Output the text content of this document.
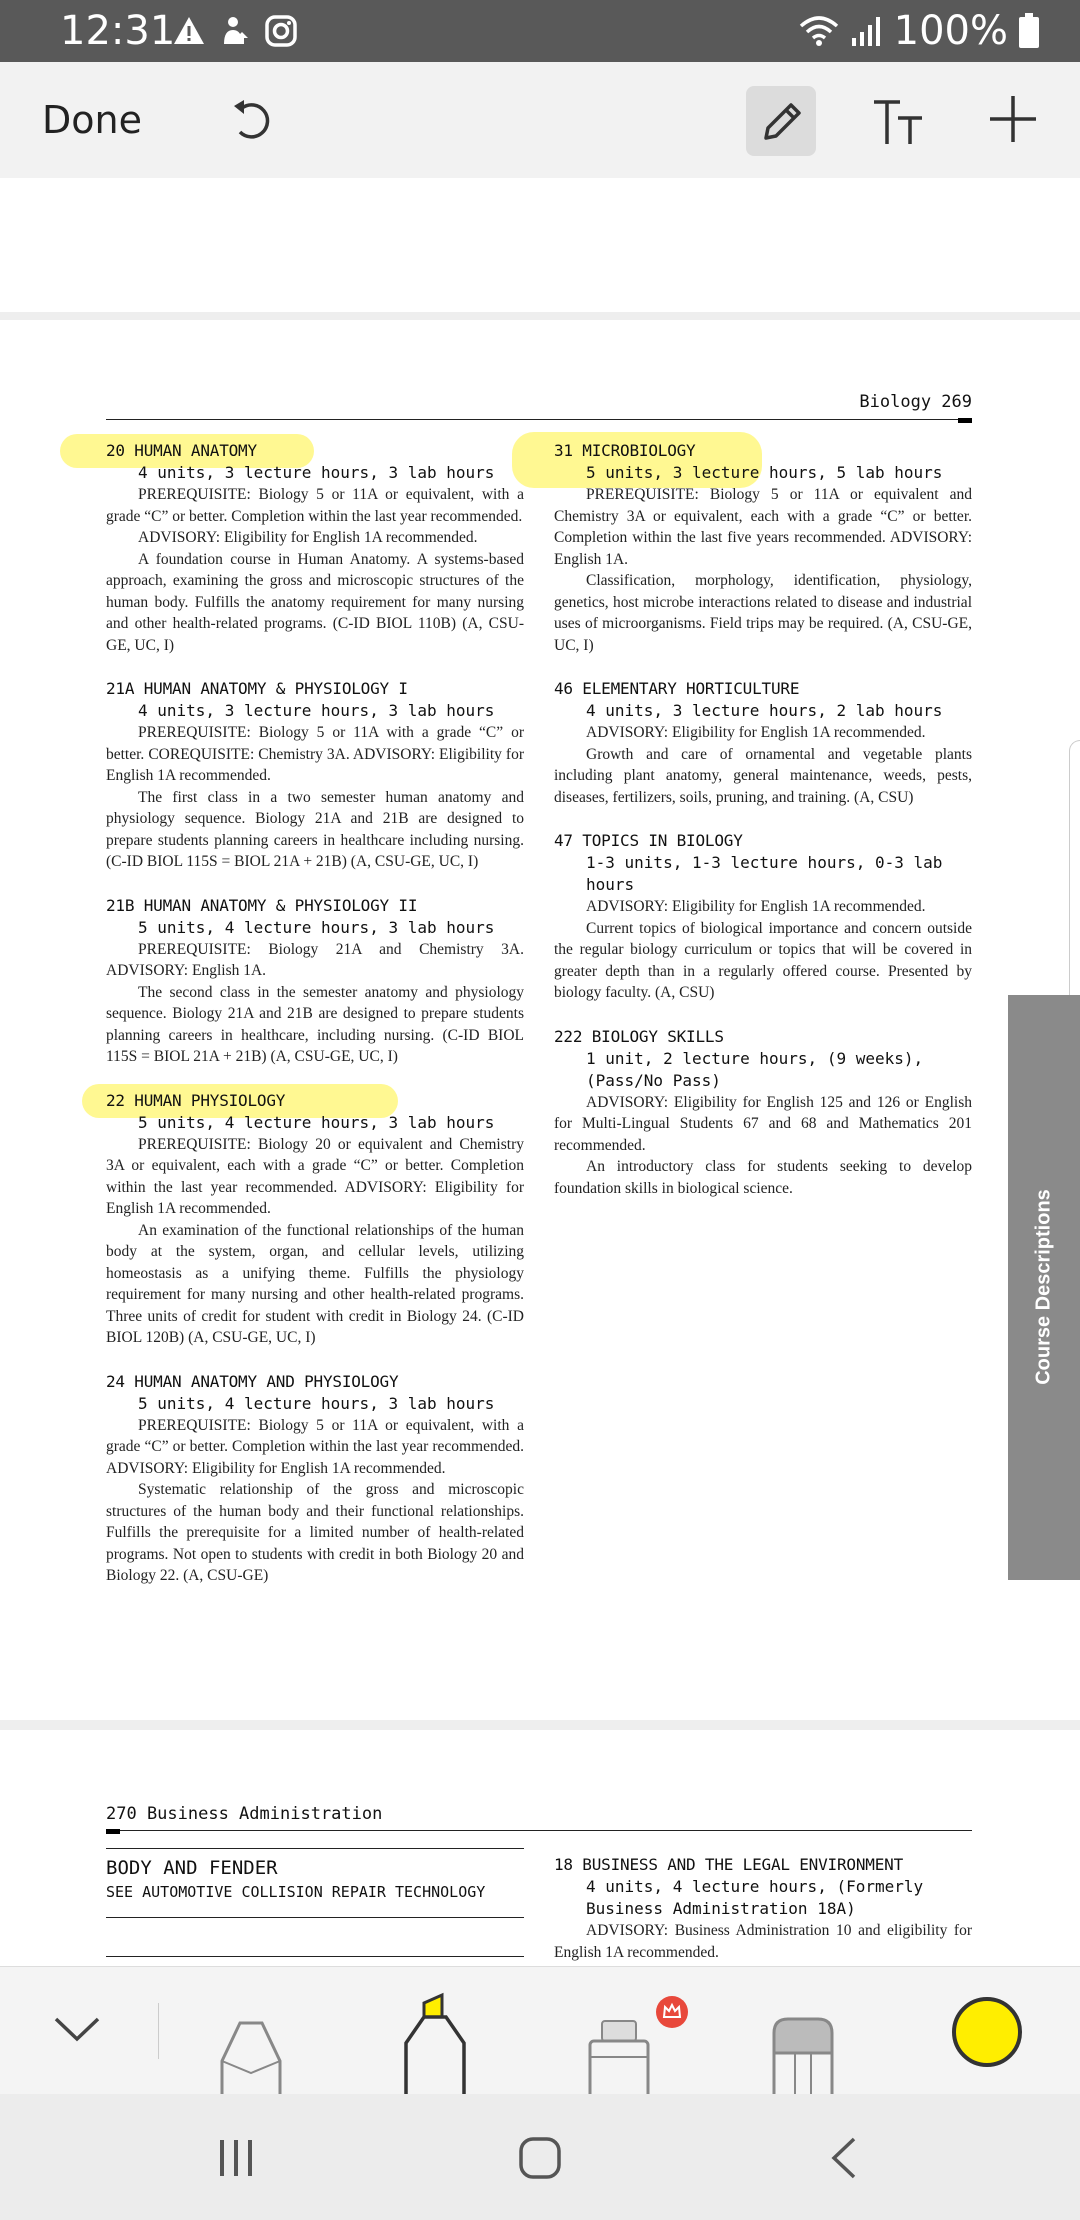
12:31	100%
Done
Biology 269
20 HUMAN ANATOMY
4 units, 3 lecture hours, 3 lab hours

PREREQUISITE: Biology 5 or 11A or equivalent, with a grade “C” or better. Completion within the last year recommended.

ADVISORY: Eligibility for English 1A recommended.

A foundation course in Human Anatomy. A systems-based approach, examining the gross and microscopic structures of the human body. Fulfills the anatomy requirement for many nursing and other health-related programs. (C-ID BIOL 110B) (A, CSU-GE, UC, I)

21A HUMAN ANATOMY & PHYSIOLOGY I
4 units, 3 lecture hours, 3 lab hours

PREREQUISITE: Biology 5 or 11A with a grade “C” or better. COREQUISITE: Chemistry 3A. ADVISORY: Eligibility for English 1A recommended.

The first class in a two semester human anatomy and physiology sequence. Biology 21A and 21B are designed to prepare students planning careers in healthcare including nursing. (C-ID BIOL 115S = BIOL 21A + 21B) (A, CSU-GE, UC, I)

21B HUMAN ANATOMY & PHYSIOLOGY II
5 units, 4 lecture hours, 3 lab hours

PREREQUISITE: Biology 21A and Chemistry 3A. ADVISORY: English 1A.

The second class in the semester anatomy and physiology sequence. Biology 21A and 21B are designed to prepare students planning careers in healthcare, including nursing. (C-ID BIOL 115S = BIOL 21A + 21B) (A, CSU-GE, UC, I)

22 HUMAN PHYSIOLOGY
5 units, 4 lecture hours, 3 lab hours

PREREQUISITE: Biology 20 or equivalent and Chemistry 3A or equivalent, each with a grade “C” or better. Completion within the last year recommended. ADVISORY: Eligibility for English 1A recommended.

An examination of the functional relationships of the human body at the system, organ, and cellular levels, utilizing homeostasis as a unifying theme. Fulfills the physiology requirement for many nursing and other health-related programs. Three units of credit for student with credit in Biology 24. (C-ID BIOL 120B) (A, CSU-GE, UC, I)

24 HUMAN ANATOMY AND PHYSIOLOGY
5 units, 4 lecture hours, 3 lab hours

PREREQUISITE: Biology 5 or 11A or equivalent, with a grade “C” or better. Completion within the last year recommended. ADVISORY: Eligibility for English 1A recommended.

Systematic relationship of the gross and microscopic structures of the human body and their functional relationships. Fulfills the prerequisite for a limited number of health-related programs. Not open to students with credit in both Biology 20 and Biology 22. (A, CSU-GE)

31 MICROBIOLOGY
5 units, 3 lecture hours, 5 lab hours

PREREQUISITE: Biology 5 or 11A or equivalent and Chemistry 3A or equivalent, each with a grade “C” or better. Completion within the last five years recommended. ADVISORY: English 1A.

Classification, morphology, identification, physiology, genetics, host microbe interactions related to disease and industrial uses of microorganisms. Field trips may be required. (A, CSU-GE, UC, I)

46 ELEMENTARY HORTICULTURE
4 units, 3 lecture hours, 2 lab hours

ADVISORY: Eligibility for English 1A recommended.

Growth and care of ornamental and vegetable plants including plant anatomy, general maintenance, weeds, pests, diseases, fertilizers, soils, pruning, and training. (A, CSU)

47 TOPICS IN BIOLOGY
1-3 units, 1-3 lecture hours, 0-3 lab hours

ADVISORY: Eligibility for English 1A recommended.

Current topics of biological importance and concern outside the regular biology curriculum or topics that will be covered in greater depth than in a regularly offered course. Presented by biology faculty. (A, CSU)

222 BIOLOGY SKILLS
1 unit, 2 lecture hours, (9 weeks), (Pass/No Pass)

ADVISORY: Eligibility for English 125 and 126 or English for Multi-Lingual Students 67 and 68 and Mathematics 201 recommended.

An introductory class for students seeking to develop foundation skills in biological science.

Course Descriptions
270 Business Administration
BODY AND FENDER
SEE AUTOMOTIVE COLLISION REPAIR TECHNOLOGY
18 BUSINESS AND THE LEGAL ENVIRONMENT
4 units, 4 lecture hours, (Formerly Business Administration 18A)

ADVISORY: Business Administration 10 and eligibility for English 1A recommended.
